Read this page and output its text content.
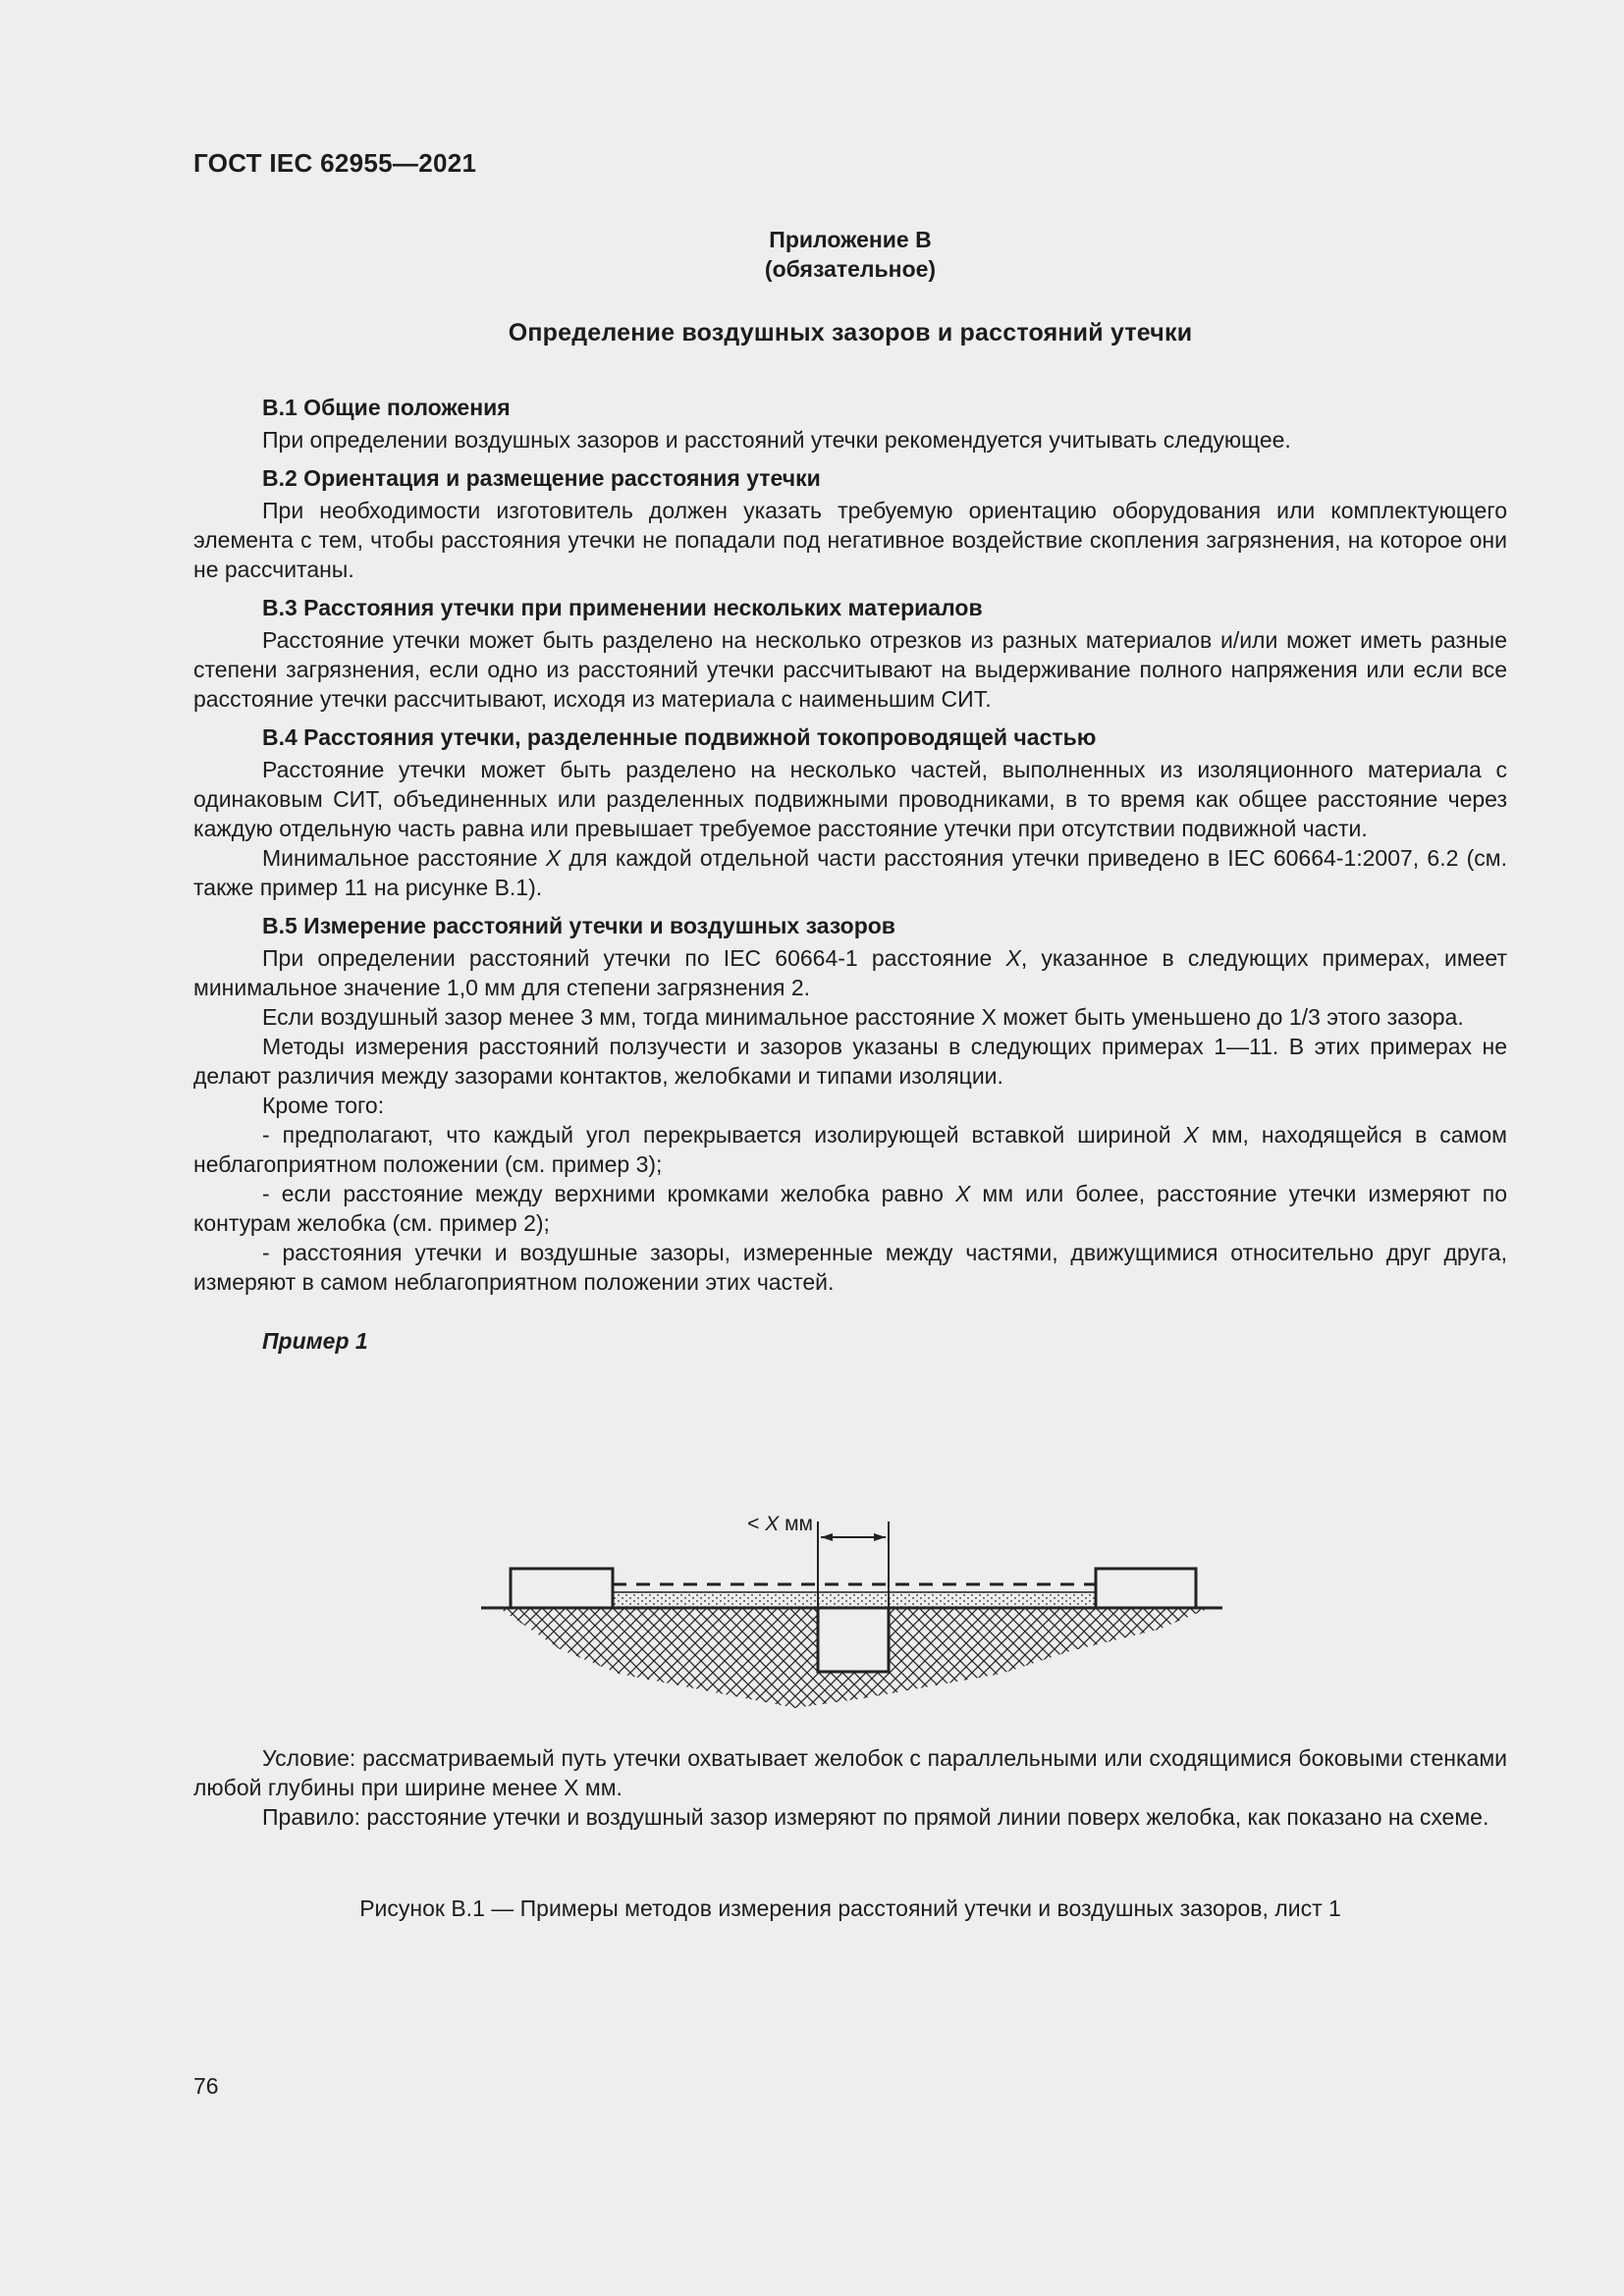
ГОСТ IEC 62955—2021
Приложение В
(обязательное)
Определение воздушных зазоров и расстояний утечки
В.1 Общие положения

При определении воздушных зазоров и расстояний утечки рекомендуется учитывать следующее.

В.2 Ориентация и размещение расстояния утечки

При необходимости изготовитель должен указать требуемую ориентацию оборудования или комплектующего элемента с тем, чтобы расстояния утечки не попадали под негативное воздействие скопления загрязнения, на которое они не рассчитаны.

В.3 Расстояния утечки при применении нескольких материалов

Расстояние утечки может быть разделено на несколько отрезков из разных материалов и/или может иметь разные степени загрязнения, если одно из расстояний утечки рассчитывают на выдерживание полного напряжения или если все расстояние утечки рассчитывают, исходя из материала с наименьшим СИТ.

В.4 Расстояния утечки, разделенные подвижной токопроводящей частью

Расстояние утечки может быть разделено на несколько частей, выполненных из изоляционного материала с одинаковым СИТ, объединенных или разделенных подвижными проводниками, в то время как общее расстояние через каждую отдельную часть равна или превышает требуемое расстояние утечки при отсутствии подвижной части.

Минимальное расстояние X для каждой отдельной части расстояния утечки приведено в IEC 60664-1:2007, 6.2 (см. также пример 11 на рисунке В.1).

В.5 Измерение расстояний утечки и воздушных зазоров

При определении расстояний утечки по IEC 60664-1 расстояние X, указанное в следующих примерах, имеет минимальное значение 1,0 мм для степени загрязнения 2.

Если воздушный зазор менее 3 мм, тогда минимальное расстояние X может быть уменьшено до 1/3 этого зазора.

Методы измерения расстояний ползучести и зазоров указаны в следующих примерах 1—11. В этих примерах не делают различия между зазорами контактов, желобками и типами изоляции.

Кроме того:

- предполагают, что каждый угол перекрывается изолирующей вставкой шириной X мм, находящейся в самом неблагоприятном положении (см. пример 3);

- если расстояние между верхними кромками желобка равно X мм или более, расстояние утечки измеряют по контурам желобка (см. пример 2);

- расстояния утечки и воздушные зазоры, измеренные между частями, движущимися относительно друг друга, измеряют в самом неблагоприятном положении этих частей.

Пример 1
< X мм

Условие: рассматриваемый путь утечки охватывает желобок с параллельными или сходящимися боковыми стенками любой глубины при ширине менее X мм.

Правило: расстояние утечки и воздушный зазор измеряют по прямой линии поверх желобка, как показано на схеме.

Рисунок В.1 — Примеры методов измерения расстояний утечки и воздушных зазоров, лист 1
76
